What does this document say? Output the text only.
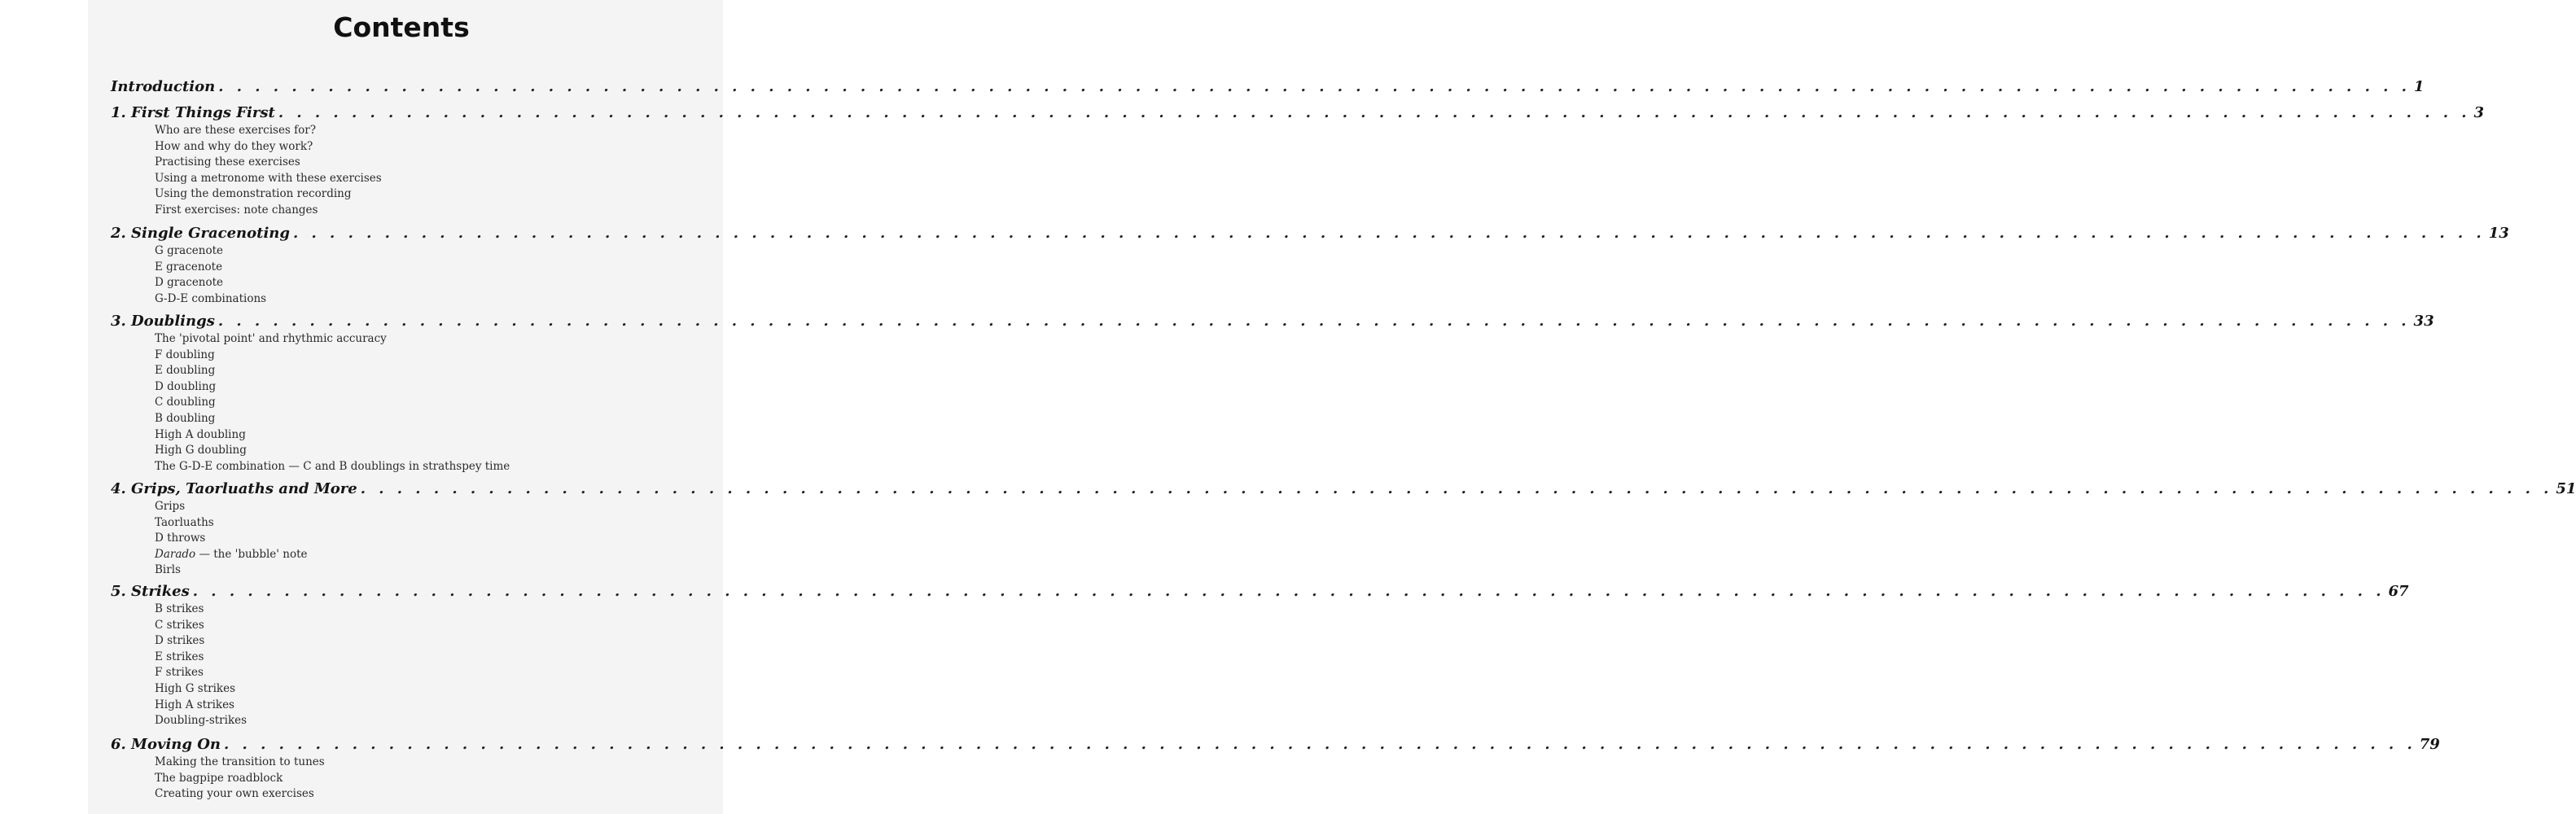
Contents
Introduction . . . . . . . . . . . . . . . . . . . . . . . . . . . . . . . . . . . . . . . . . . . . . . . . . . . . . . . . . . . . . . . . . . . . . . . . . . . . . . . . . . . . . . . . . . . . . . . . . . . . . . . . . . . . . . . . . . . . . . . . 1
1. First Things First . . . . . . . . . . . . . . . . . . . . . . . . . . . . . . . . . . . . . . . . . . . . . . . . . . . . . . . . . . . . . . . . . . . . . . . . . . . . . . . . . . . . . . . . . . . . . . . . . . . . . . . . . . . . . . . . . . . . . . . . 3
Who are these exercises for?
How and why do they work?
Practising these exercises
Using a metronome with these exercises
Using the demonstration recording
First exercises: note changes
2. Single Gracenoting . . . . . . . . . . . . . . . . . . . . . . . . . . . . . . . . . . . . . . . . . . . . . . . . . . . . . . . . . . . . . . . . . . . . . . . . . . . . . . . . . . . . . . . . . . . . . . . . . . . . . . . . . . . . . . . . . . . . . . . . 13
G gracenote
E gracenote
D gracenote
G-D-E combinations
3. Doublings . . . . . . . . . . . . . . . . . . . . . . . . . . . . . . . . . . . . . . . . . . . . . . . . . . . . . . . . . . . . . . . . . . . . . . . . . . . . . . . . . . . . . . . . . . . . . . . . . . . . . . . . . . . . . . . . . . . . . . . . 33
The 'pivotal point' and rhythmic accuracy
F doubling
E doubling
D doubling
C doubling
B doubling
High A doubling
High G doubling
The G-D-E combination — C and B doublings in strathspey time
4. Grips, Taorluaths and More . . . . . . . . . . . . . . . . . . . . . . . . . . . . . . . . . . . . . . . . . . . . . . . . . . . . . . . . . . . . . . . . . . . . . . . . . . . . . . . . . . . . . . . . . . . . . . . . . . . . . . . . . . . . . . . . . . . . . . . . 51
Grips
Taorluaths
D throws
Darado — the 'bubble' note
Birls
5. Strikes . . . . . . . . . . . . . . . . . . . . . . . . . . . . . . . . . . . . . . . . . . . . . . . . . . . . . . . . . . . . . . . . . . . . . . . . . . . . . . . . . . . . . . . . . . . . . . . . . . . . . . . . . . . . . . . . . . . . . . . . 67
B strikes
C strikes
D strikes
E strikes
F strikes
High G strikes
High A strikes
Doubling-strikes
6. Moving On . . . . . . . . . . . . . . . . . . . . . . . . . . . . . . . . . . . . . . . . . . . . . . . . . . . . . . . . . . . . . . . . . . . . . . . . . . . . . . . . . . . . . . . . . . . . . . . . . . . . . . . . . . . . . . . . . . . . . . . . 79
Making the transition to tunes
The bagpipe roadblock
Creating your own exercises
